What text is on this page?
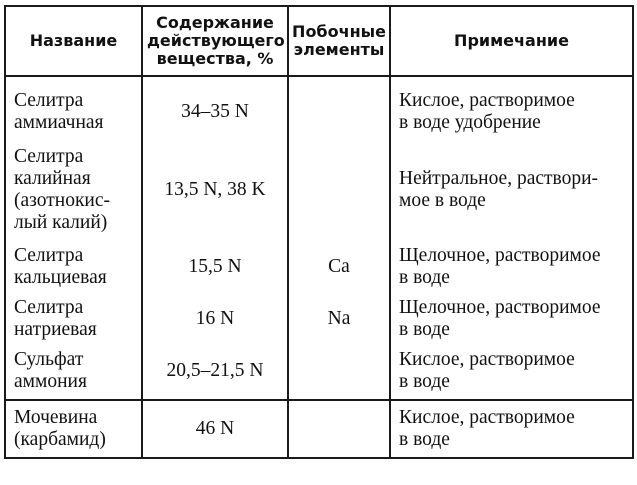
Название	Содержание
действующего
вещества, %	Побочные
элементы	Примечание

Селитра
аммиачная	34–35 N		Кислое, растворимое
в воде удобрение

Селитра
калийная
(азотнокис-
лый калий)	13,5 N, 38 K		Нейтральное, раствори-
мое в воде

Селитра
кальциевая	15,5 N	Ca	Щелочное, растворимое
в воде

Селитра
натриевая	16 N	Na	Щелочное, растворимое
в воде

Сульфат
аммония	20,5–21,5 N		Кислое, растворимое
в воде

Мочевина
(карбамид)	46 N		Кислое, растворимое
в воде
